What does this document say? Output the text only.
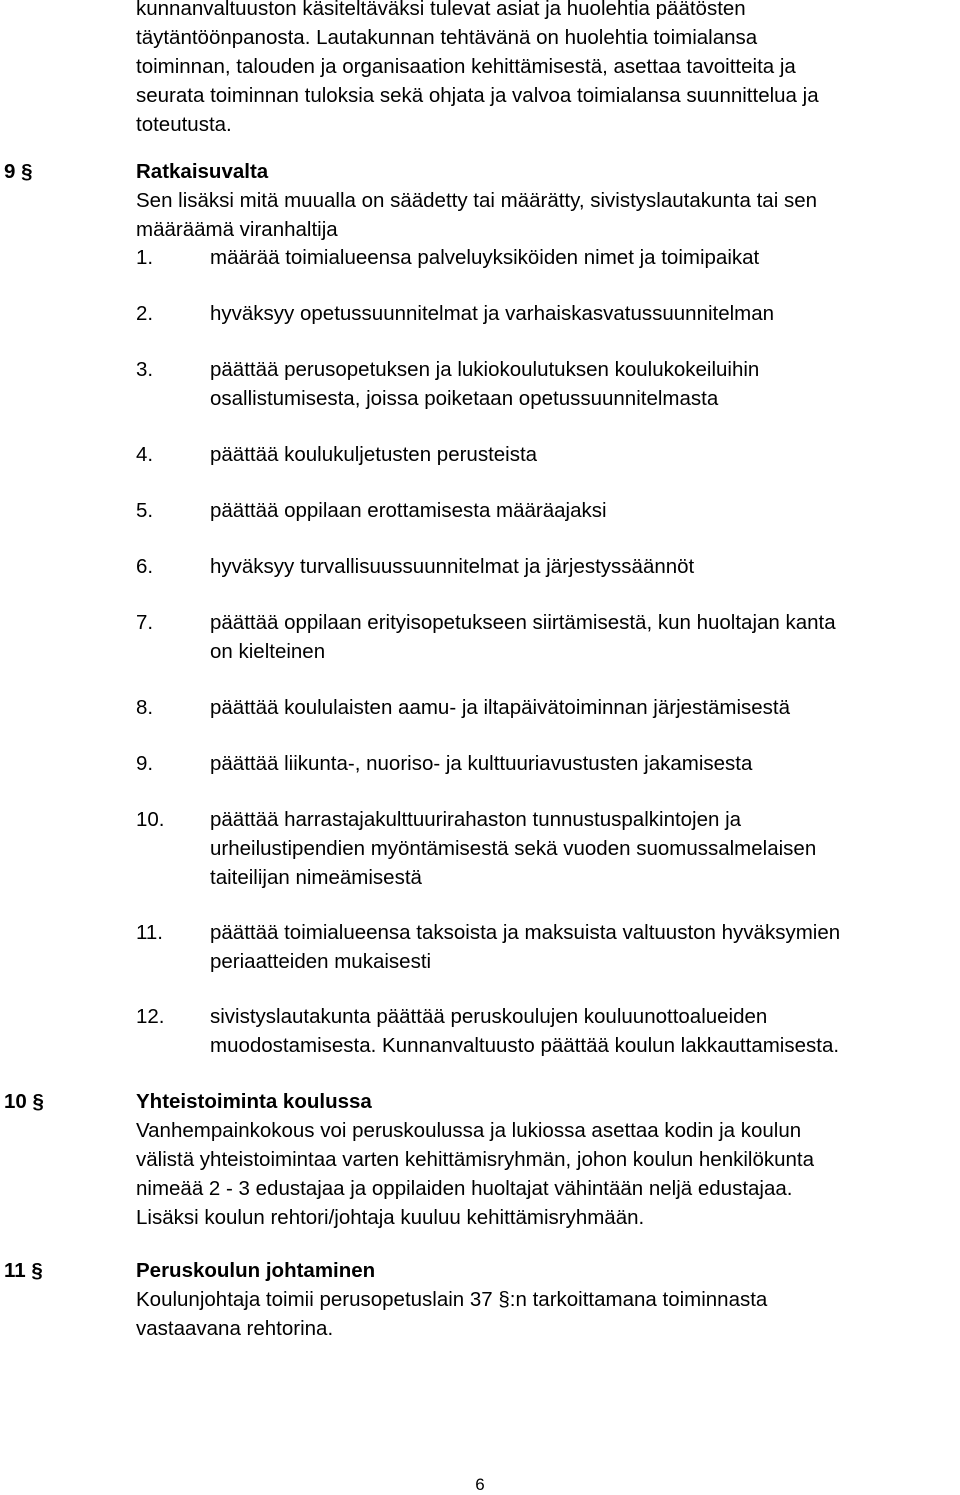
kunnanvaltuuston käsiteltäväksi tulevat asiat ja huolehtia päätösten

täytäntöönpanosta. Lautakunnan tehtävänä on huolehtia toimialansa

toiminnan, talouden ja organisaation kehittämisestä, asettaa tavoitteita ja

seurata toiminnan tuloksia sekä ohjata ja valvoa toimialansa suunnittelua ja

toteutusta.

9 §	Ratkaisuvalta

Sen lisäksi mitä muualla on säädetty tai määrätty, sivistyslautakunta tai sen

määräämä viranhaltija

1.	määrää toimialueensa palveluyksiköiden nimet ja toimipaikat

2.	hyväksyy opetussuunnitelmat ja varhaiskasvatussuunnitelman

3.	päättää perusopetuksen ja lukiokoulutuksen koulukokeiluihin

osallistumisesta, joissa poiketaan opetussuunnitelmasta

4.	päättää koulukuljetusten perusteista

5.	päättää oppilaan erottamisesta määräajaksi

6.	hyväksyy turvallisuussuunnitelmat ja järjestyssäännöt

7.	päättää oppilaan erityisopetukseen siirtämisestä, kun huoltajan kanta

on kielteinen

8.	päättää koululaisten aamu- ja iltapäivätoiminnan järjestämisestä

9.	päättää liikunta-, nuoriso- ja kulttuuriavustusten jakamisesta

10.	päättää harrastajakulttuurirahaston tunnustuspalkintojen ja

urheilustipendien myöntämisestä sekä vuoden suomussalmelaisen

taiteilijan nimeämisestä

11.	päättää toimialueensa taksoista ja maksuista valtuuston hyväksymien

periaatteiden mukaisesti

12.	sivistyslautakunta päättää peruskoulujen kouluunottoalueiden

muodostamisesta. Kunnanvaltuusto päättää koulun lakkauttamisesta.

10 §	Yhteistoiminta koulussa

Vanhempainkokous voi peruskoulussa ja lukiossa asettaa kodin ja koulun

välistä yhteistoimintaa varten kehittämisryhmän, johon koulun henkilökunta

nimeää 2 - 3 edustajaa ja oppilaiden huoltajat vähintään neljä edustajaa.

Lisäksi koulun rehtori/johtaja kuuluu kehittämisryhmään.

11 §	Peruskoulun johtaminen

Koulunjohtaja toimii perusopetuslain 37 §:n tarkoittamana toiminnasta

vastaavana rehtorina.

6
